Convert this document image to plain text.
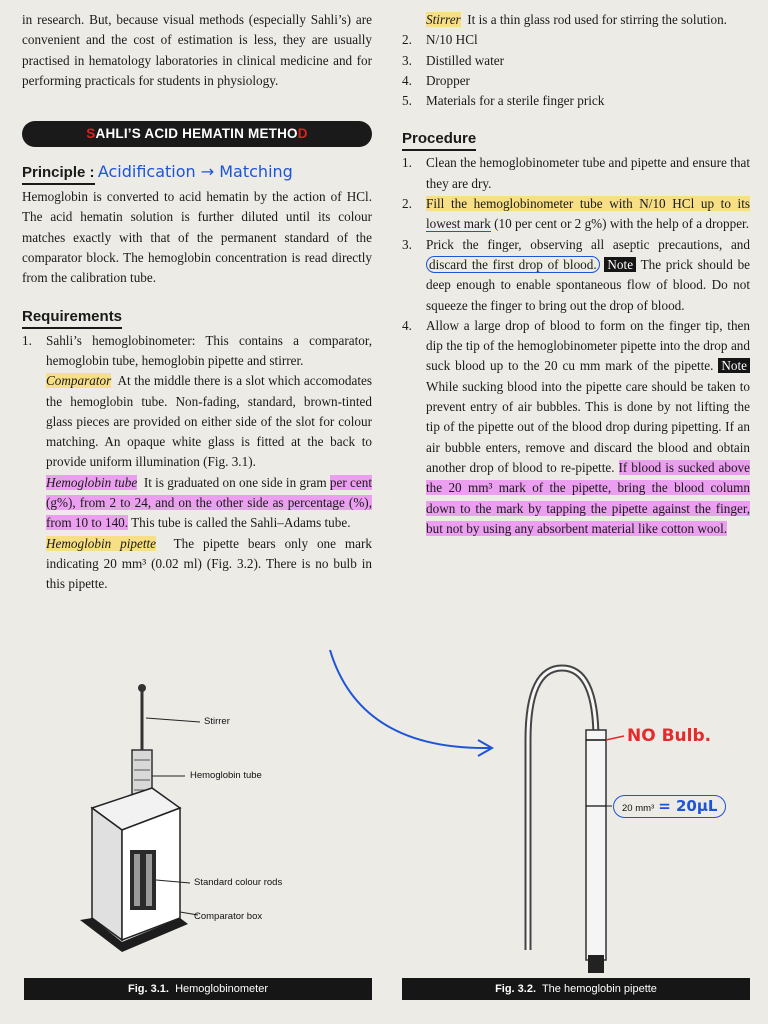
in research. But, because visual methods (especially Sahli’s) are convenient and the cost of estimation is less, they are usually practised in hematology laboratories in clinical medicine and for performing practicals for students in physiology.

SAHLI’S ACID HEMATIN METHOD
Principle : Acidification → Matching

Hemoglobin is converted to acid hematin by the action of HCl. The acid hematin solution is further diluted until its colour matches exactly with that of the permanent standard of the comparator block. The hemoglobin concentration is read directly from the calibration tube.

Requirements
1. Sahli’s hemoglobinometer: This contains a comparator, hemoglobin tube, hemoglobin pipette and stirrer.

Comparator At the middle there is a slot which accomodates the hemoglobin tube. Non-fading, standard, brown-tinted glass pieces are provided on either side of the slot for colour matching. An opaque white glass is fitted at the back to provide uniform illumination (Fig. 3.1).

Hemoglobin tube It is graduated on one side in gram per cent (g%), from 2 to 24, and on the other side as percentage (%), from 10 to 140. This tube is called the Sahli–Adams tube.

Hemoglobin pipette The pipette bears only one mark indicating 20 mm³ (0.02 ml) (Fig. 3.2). There is no bulb in this pipette.

Stirrer It is a thin glass rod used for stirring the solution.

2. N/10 HCl
3. Distilled water
4. Dropper
5. Materials for a sterile finger prick
Procedure
1. Clean the hemoglobinometer tube and pipette and ensure that they are dry.
2. Fill the hemoglobinometer tube with N/10 HCl up to its lowest mark (10 per cent or 2 g%) with the help of a dropper.
3. Prick the finger, observing all aseptic precautions, and discard the first drop of blood. Note The prick should be deep enough to enable spontaneous flow of blood. Do not squeeze the finger to bring out the drop of blood.
4. Allow a large drop of blood to form on the finger tip, then dip the tip of the hemoglobinometer pipette into the drop and suck blood up to the 20 cu mm mark of the pipette. Note While sucking blood into the pipette care should be taken to prevent entry of air bubbles. This is done by not lifting the tip of the pipette out of the blood drop during pipetting. If an air bubble enters, remove and discard the blood and obtain another drop of blood to re-pipette. If blood is sucked above the 20 mm³ mark of the pipette, bring the blood column down to the mark by tapping the pipette against the finger, but not by using any absorbent material like cotton wool.
Stirrer
Hemoglobin tube
Standard colour rods
Comparator box
NO Bulb.
20 mm³ = 20µL
Fig. 3.1. Hemoglobinometer	Fig. 3.2. The hemoglobin pipette
